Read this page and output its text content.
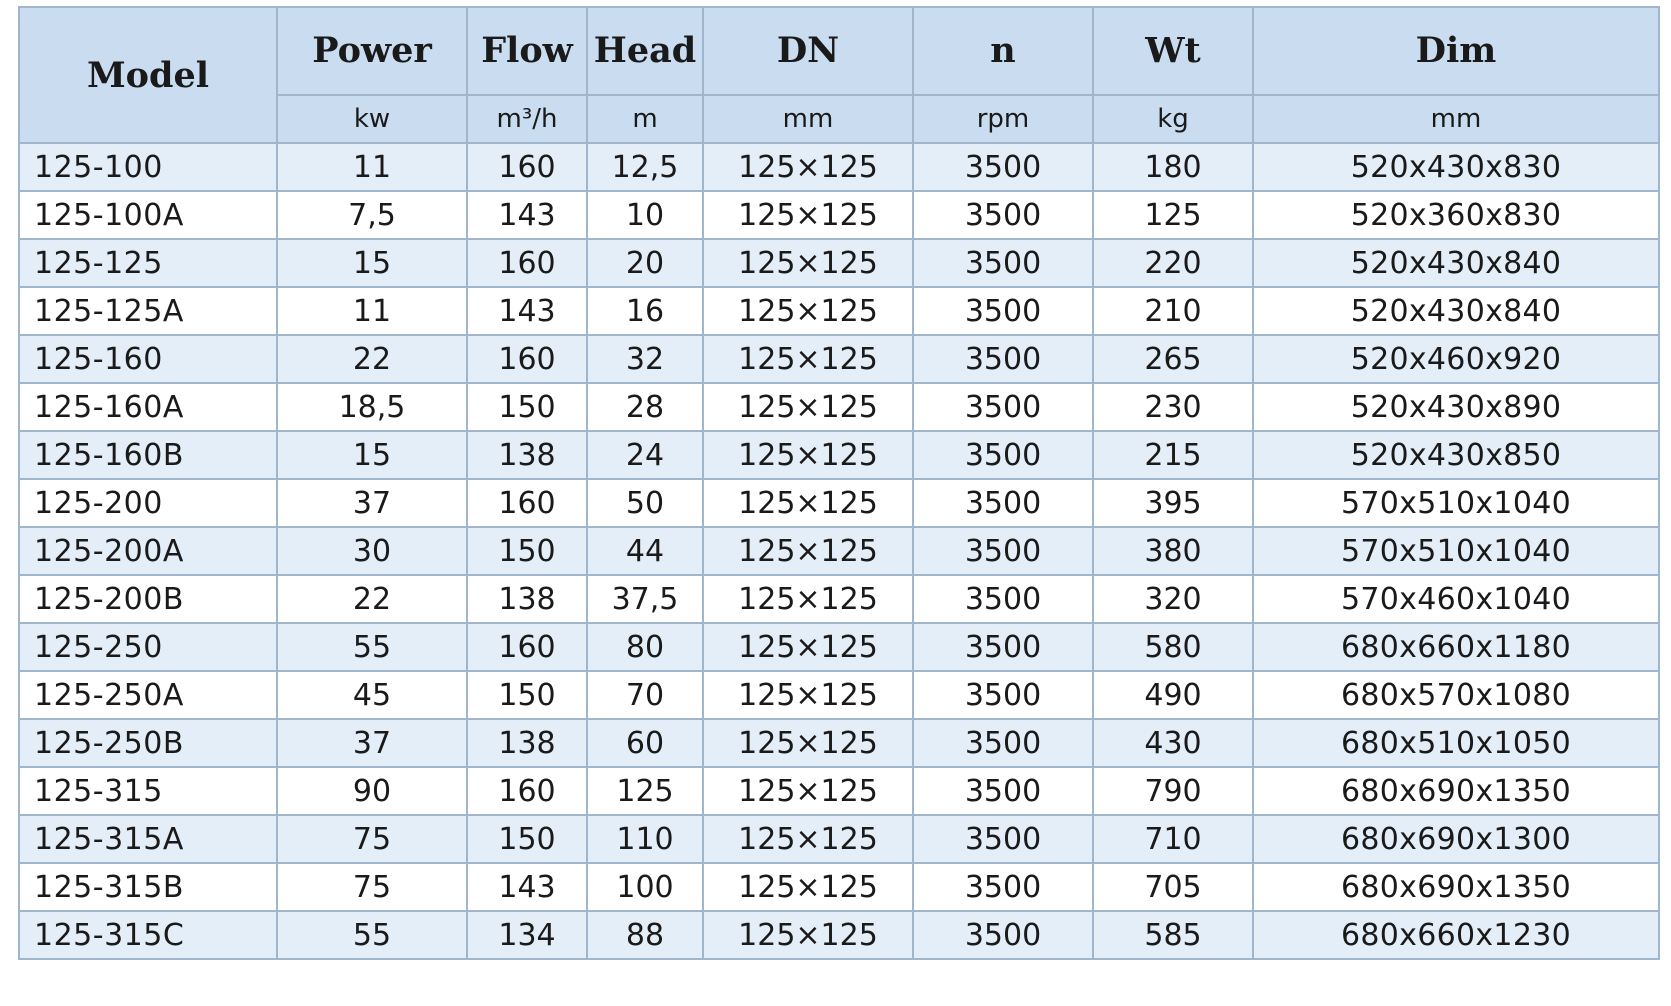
Model	Power	Flow	Head	DN	n	Wt	Dim
	kw	m³/h	m	mm	rpm	kg	mm
125-100	11	160	12,5	125×125	3500	180	520x430x830
125-100A	7,5	143	10	125×125	3500	125	520x360x830
125-125	15	160	20	125×125	3500	220	520x430x840
125-125A	11	143	16	125×125	3500	210	520x430x840
125-160	22	160	32	125×125	3500	265	520x460x920
125-160A	18,5	150	28	125×125	3500	230	520x430x890
125-160B	15	138	24	125×125	3500	215	520x430x850
125-200	37	160	50	125×125	3500	395	570x510x1040
125-200A	30	150	44	125×125	3500	380	570x510x1040
125-200B	22	138	37,5	125×125	3500	320	570x460x1040
125-250	55	160	80	125×125	3500	580	680x660x1180
125-250A	45	150	70	125×125	3500	490	680x570x1080
125-250B	37	138	60	125×125	3500	430	680x510x1050
125-315	90	160	125	125×125	3500	790	680x690x1350
125-315A	75	150	110	125×125	3500	710	680x690x1300
125-315B	75	143	100	125×125	3500	705	680x690x1350
125-315C	55	134	88	125×125	3500	585	680x660x1230
